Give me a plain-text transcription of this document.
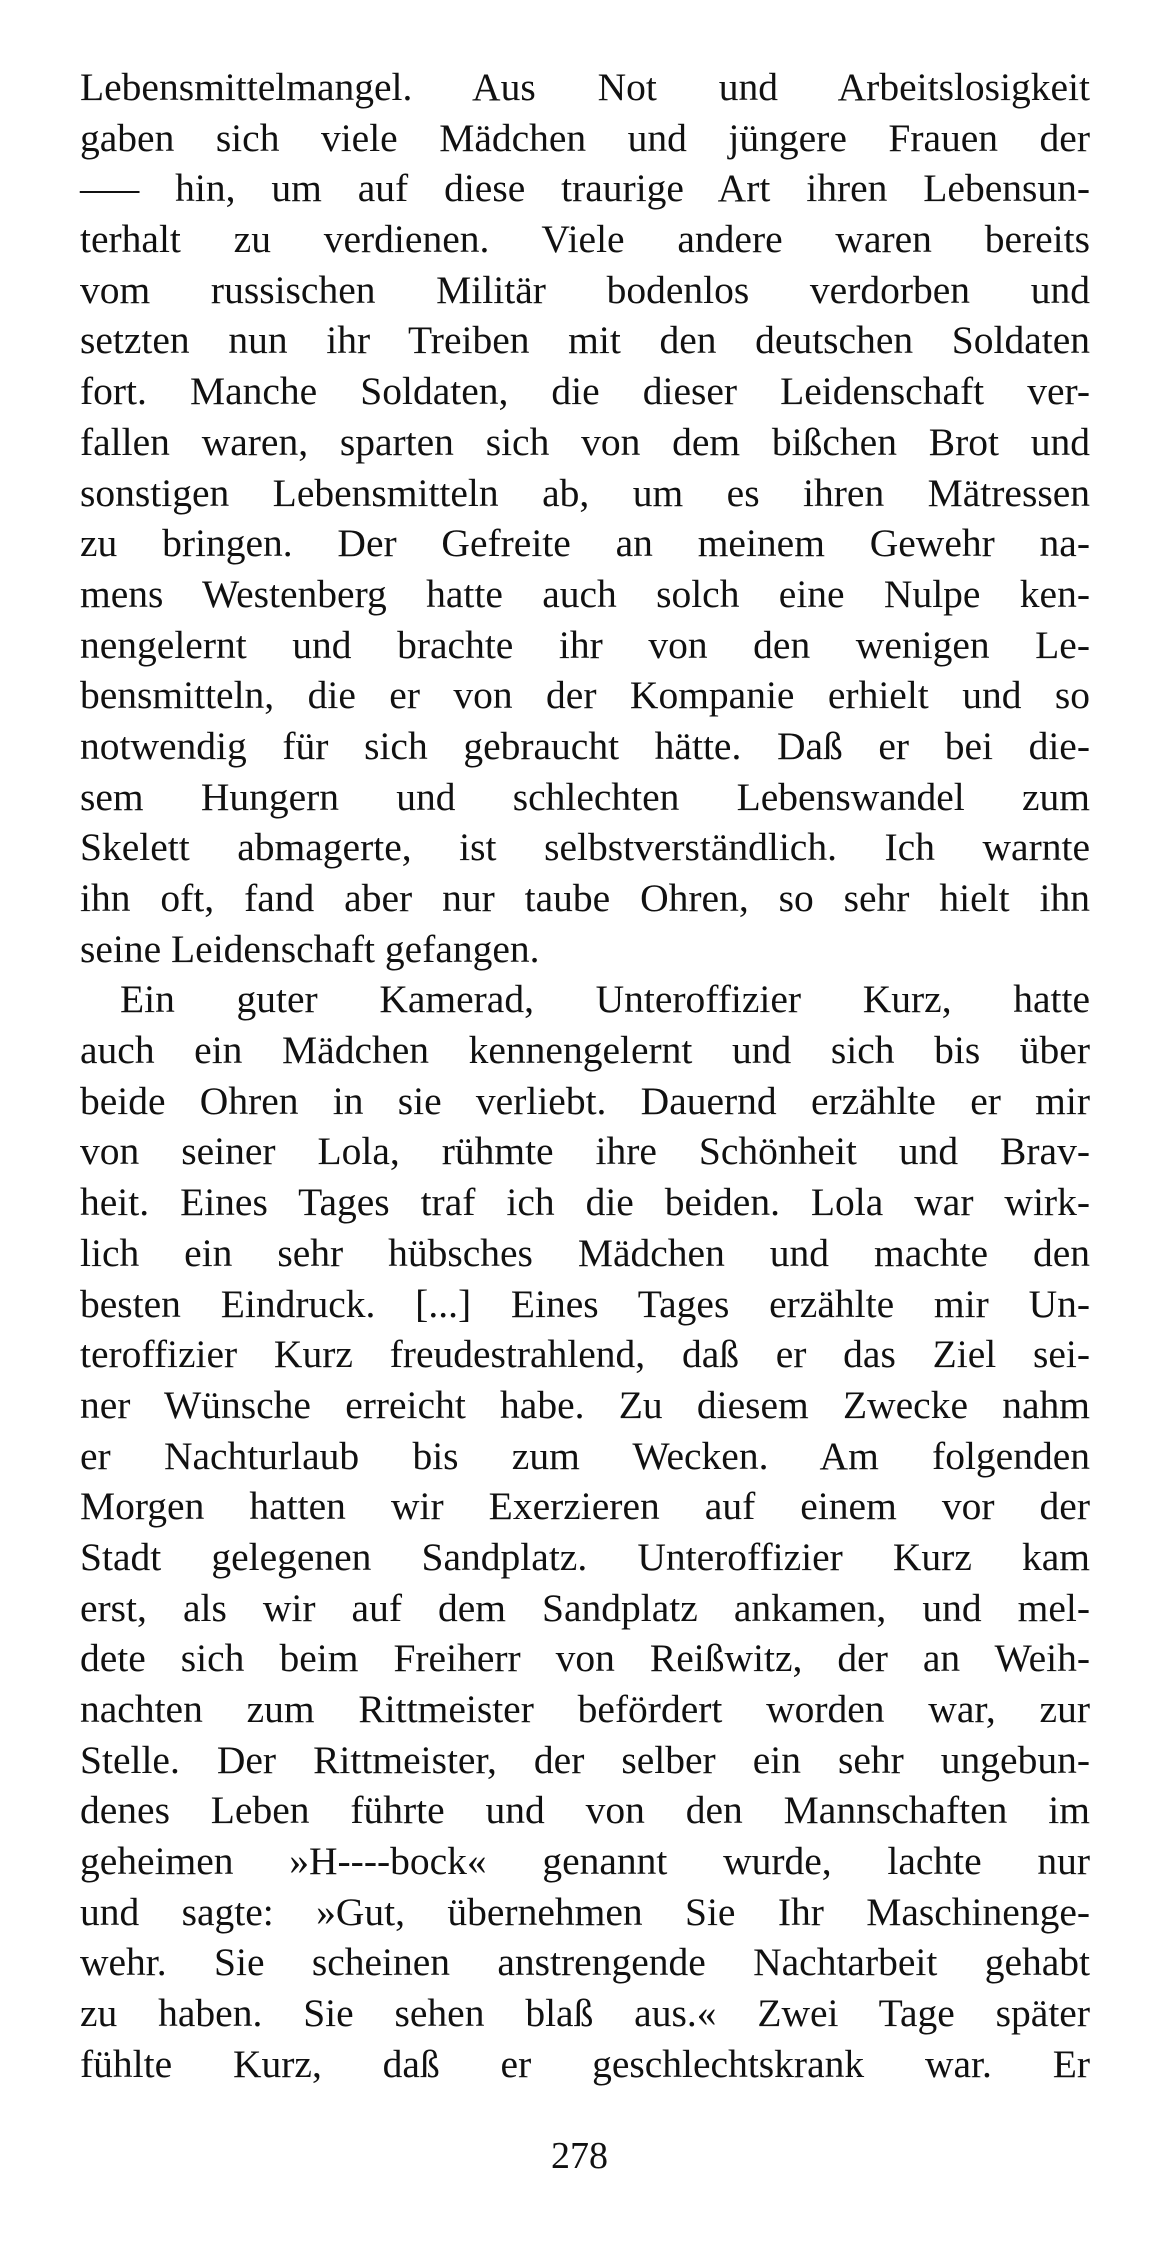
Lebensmittelmangel. Aus Not und Arbeitslosigkeit
gaben sich viele Mädchen und jüngere Frauen der
––– hin, um auf diese traurige Art ihren Lebensun-
terhalt zu verdienen. Viele andere waren bereits
vom russischen Militär bodenlos verdorben und
setzten nun ihr Treiben mit den deutschen Soldaten
fort. Manche Soldaten, die dieser Leidenschaft ver-
fallen waren, sparten sich von dem bißchen Brot und
sonstigen Lebensmitteln ab, um es ihren Mätressen
zu bringen. Der Gefreite an meinem Gewehr na-
mens Westenberg hatte auch solch eine Nulpe ken-
nengelernt und brachte ihr von den wenigen Le-
bensmitteln, die er von der Kompanie erhielt und so
notwendig für sich gebraucht hätte. Daß er bei die-
sem Hungern und schlechten Lebenswandel zum
Skelett abmagerte, ist selbstverständlich. Ich warnte
ihn oft, fand aber nur taube Ohren, so sehr hielt ihn
seine Leidenschaft gefangen.
Ein guter Kamerad, Unteroffizier Kurz, hatte
auch ein Mädchen kennengelernt und sich bis über
beide Ohren in sie verliebt. Dauernd erzählte er mir
von seiner Lola, rühmte ihre Schönheit und Brav-
heit. Eines Tages traf ich die beiden. Lola war wirk-
lich ein sehr hübsches Mädchen und machte den
besten Eindruck. [...] Eines Tages erzählte mir Un-
teroffizier Kurz freudestrahlend, daß er das Ziel sei-
ner Wünsche erreicht habe. Zu diesem Zwecke nahm
er Nachturlaub bis zum Wecken. Am folgenden
Morgen hatten wir Exerzieren auf einem vor der
Stadt gelegenen Sandplatz. Unteroffizier Kurz kam
erst, als wir auf dem Sandplatz ankamen, und mel-
dete sich beim Freiherr von Reißwitz, der an Weih-
nachten zum Rittmeister befördert worden war, zur
Stelle. Der Rittmeister, der selber ein sehr ungebun-
denes Leben führte und von den Mannschaften im
geheimen »H----bock« genannt wurde, lachte nur
und sagte: »Gut, übernehmen Sie Ihr Maschinenge-
wehr. Sie scheinen anstrengende Nachtarbeit gehabt
zu haben. Sie sehen blaß aus.« Zwei Tage später
fühlte Kurz, daß er geschlechtskrank war. Er
278
